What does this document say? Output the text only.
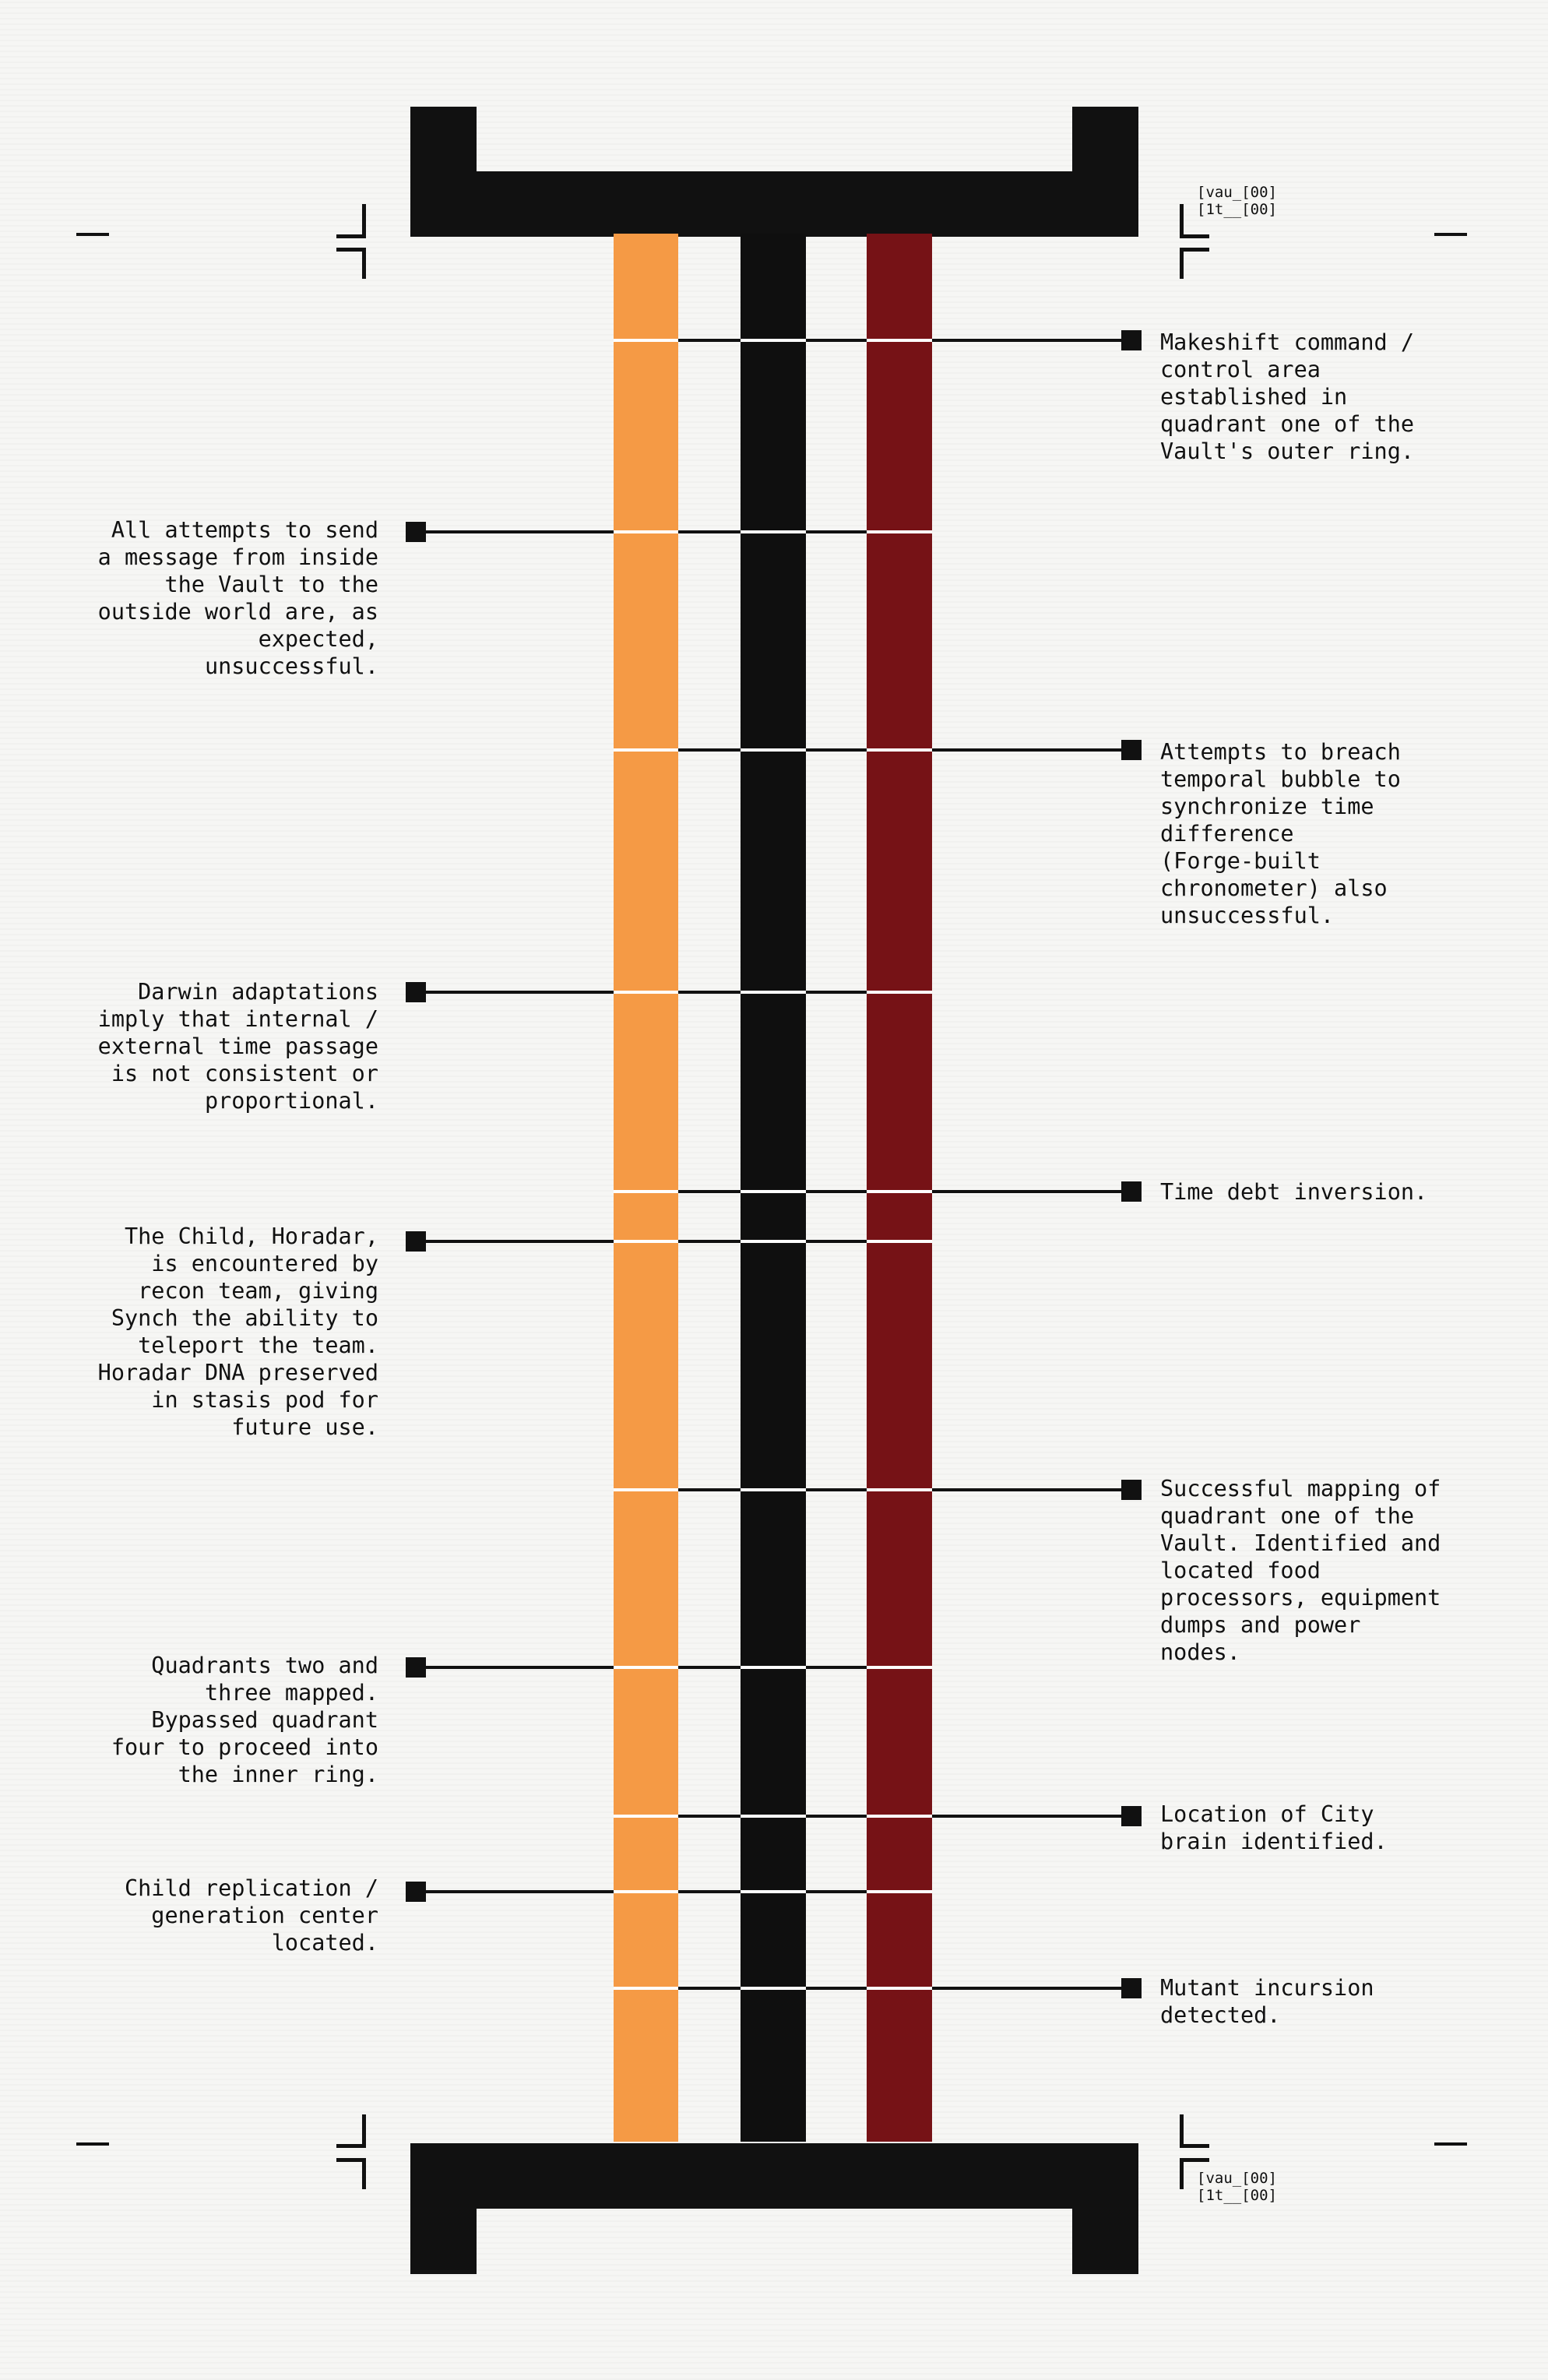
All attempts to send
a message from inside
the Vault to the
outside world are, as
expected,
unsuccessful.

Darwin adaptations
imply that internal /
external time passage
is not consistent or
proportional.

The Child, Horadar,
is encountered by
recon team, giving
Synch the ability to
teleport the team.
Horadar DNA preserved
in stasis pod for
future use.

Quadrants two and
three mapped.
Bypassed quadrant
four to proceed into
the inner ring.

Child replication /
generation center
located.

Makeshift command /
control area
established in
quadrant one of the
Vault's outer ring.

Attempts to breach
temporal bubble to
synchronize time
difference
(Forge-built
chronometer) also
unsuccessful.

Time debt inversion.

Successful mapping of
quadrant one of the
Vault. Identified and
located food
processors, equipment
dumps and power
nodes.

Location of City
brain identified.

Mutant incursion
detected.

[vau_[00]
[1t__[00]
[vau_[00]
[1t__[00]
